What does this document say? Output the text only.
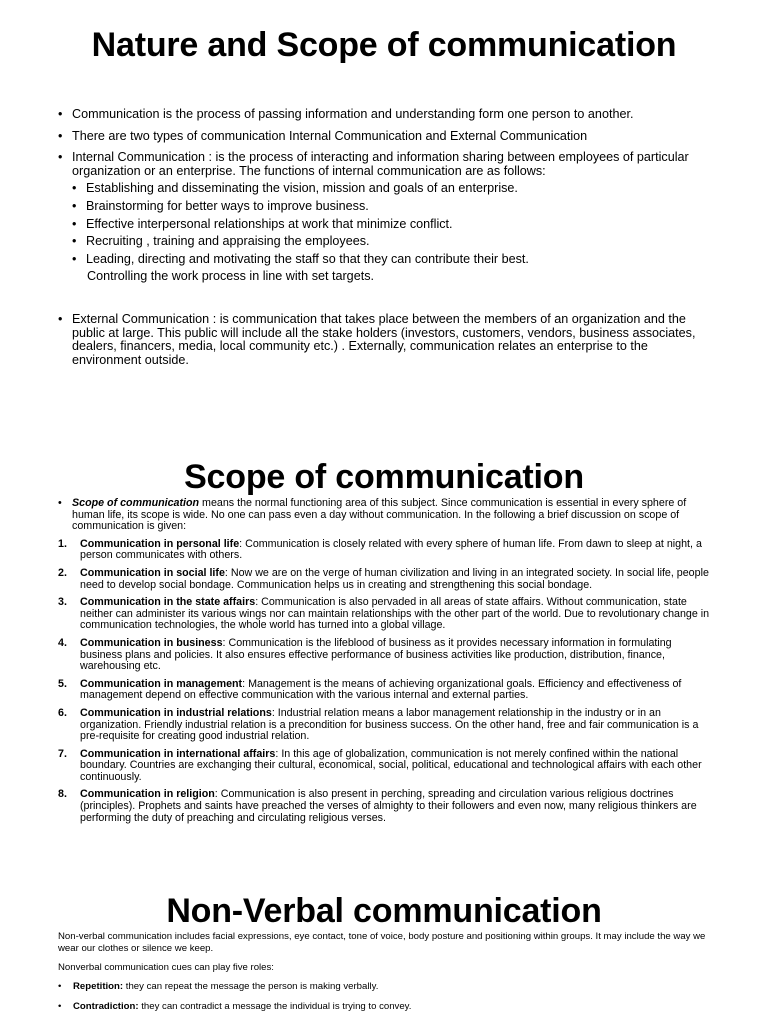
Nature and Scope of communication
• Communication is the process of passing information and understanding form one person to another.
• There are two types of communication Internal Communication and External Communication
• Internal Communication : is the process of interacting and information sharing between employees of particular organization or an enterprise. The functions of internal communication are as follows:
• Establishing and disseminating the vision, mission and goals of an enterprise.
• Brainstorming for better ways to improve business.
• Effective interpersonal relationships at work that minimize conflict.
• Recruiting , training and appraising the employees.
• Leading, directing and motivating the staff so that they can contribute their best.
Controlling the work process in line with set targets.
• External Communication : is communication that takes place between the members of an organization and the public at large. This public will include all the stake holders (investors, customers, vendors, business associates, dealers, financers, media, local community etc.) . Externally, communication relates an enterprise to the environment outside.
Scope of communication
• Scope of communication means the normal functioning area of this subject. Since communication is essential in every sphere of human life, its scope is wide. No one can pass even a day without communication. In the following a brief discussion on scope of communication is given:
1. Communication in personal life: Communication is closely related with every sphere of human life. From dawn to sleep at night, a person communicates with others.
2. Communication in social life: Now we are on the verge of human civilization and living in an integrated society. In social life, people need to develop social bondage. Communication helps us in creating and strengthening this social bondage.
3. Communication in the state affairs: Communication is also pervaded in all areas of state affairs. Without communication, state neither can administer its various wings nor can maintain relationships with the other part of the world. Due to revolutionary change in communication technologies, the whole world has turned into a global village.
4. Communication in business: Communication is the lifeblood of business as it provides necessary information in formulating business plans and policies. It also ensures effective performance of business activities like production, distribution, finance, warehousing etc.
5. Communication in management: Management is the means of achieving organizational goals. Efficiency and effectiveness of management depend on effective communication with the various internal and external parties.
6. Communication in industrial relations: Industrial relation means a labor management relationship in the industry or in an organization. Friendly industrial relation is a precondition for business success. On the other hand, free and fair communication is a pre-requisite for creating good industrial relation.
7. Communication in international affairs: In this age of globalization, communication is not merely confined within the national boundary. Countries are exchanging their cultural, economical, social, political, educational and technological affairs with each other continuously.
8. Communication in religion: Communication is also present in perching, spreading and circulation various religious doctrines (principles). Prophets and saints have preached the verses of almighty to their followers and even now, many religious thinkers are performing the duty of preaching and circulating religious verses.
Non-Verbal communication

Non-verbal communication includes facial expressions, eye contact, tone of voice, body posture and positioning within groups. It may include the way we wear our clothes or silence we keep.

Nonverbal communication cues can play five roles:

• Repetition: they can repeat the message the person is making verbally.
• Contradiction: they can contradict a message the individual is trying to convey.
